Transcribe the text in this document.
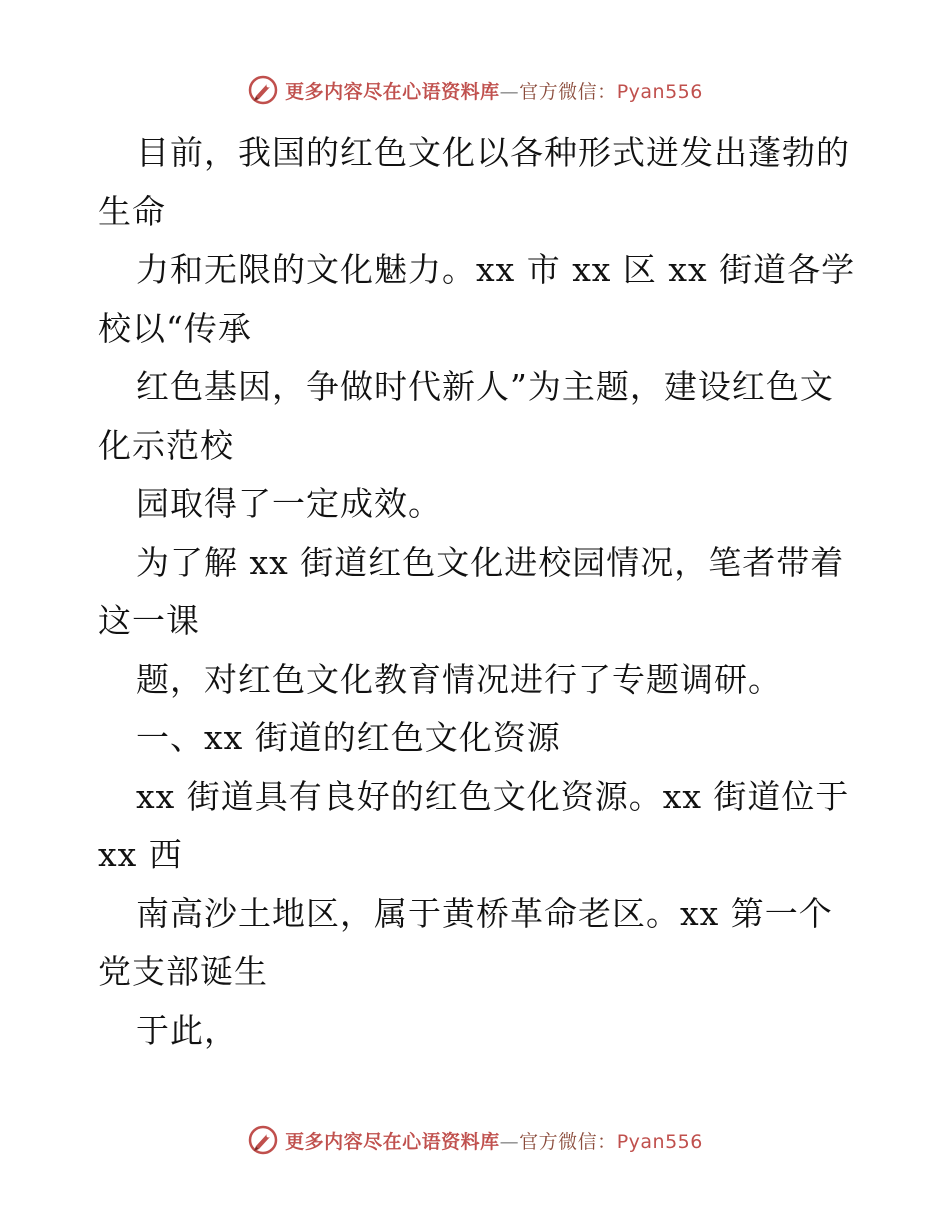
更多内容尽在心语资料库—官方微信：Pyan556
目前，我国的红色文化以各种形式迸发出蓬勃的
生命
力和无限的文化魅力。xx 市 xx 区 xx 街道各学
校以“传承
红色基因，争做时代新人”为主题，建设红色文
化示范校
园取得了一定成效。
为了解 xx 街道红色文化进校园情况，笔者带着
这一课
题，对红色文化教育情况进行了专题调研。
一、xx 街道的红色文化资源
xx 街道具有良好的红色文化资源。xx 街道位于
xx 西
南高沙土地区，属于黄桥革命老区。xx 第一个
党支部诞生
于此，
更多内容尽在心语资料库—官方微信：Pyan556
